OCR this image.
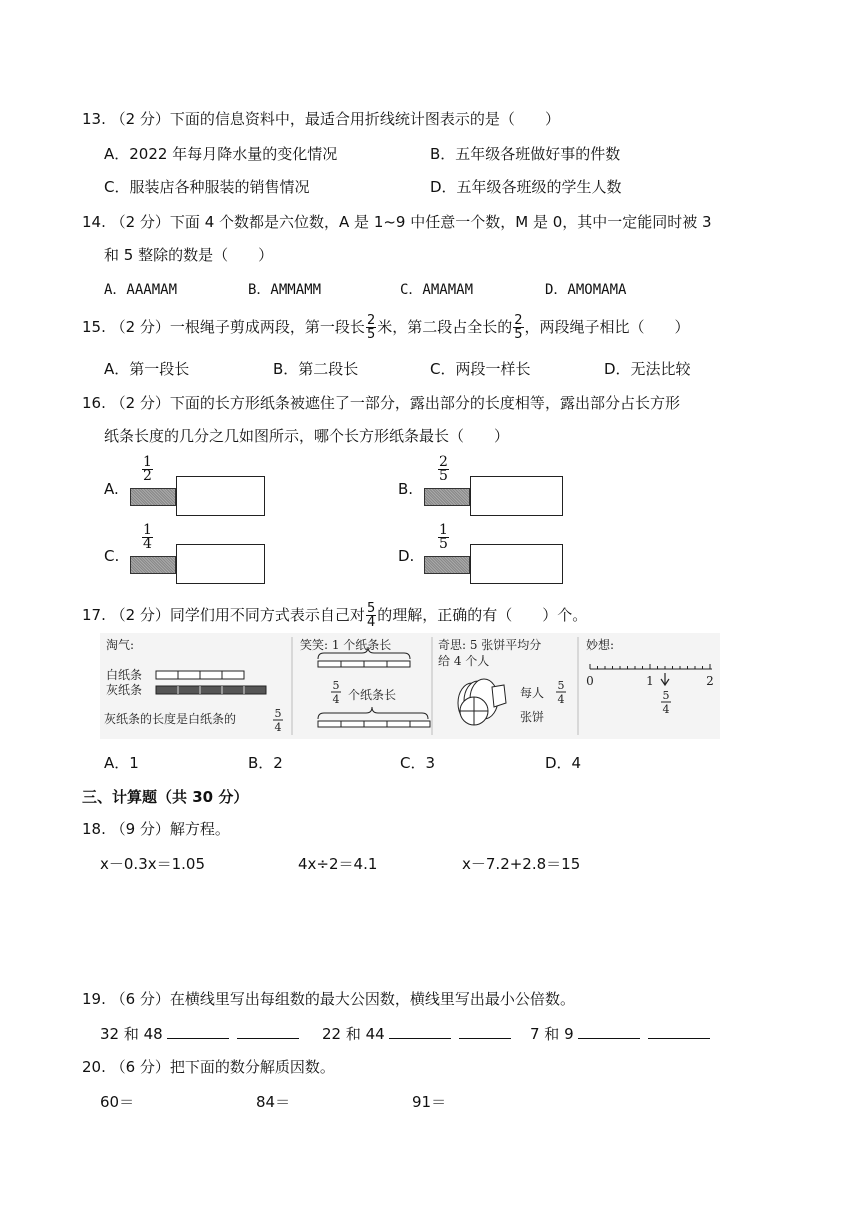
13. （2 分）下面的信息资料中，最适合用折线统计图表示的是（　　）
A．2022 年每月降水量的变化情况	B．五年级各班做好事的件数
C．服装店各种服装的销售情况	D．五年级各班级的学生人数
14. （2 分）下面 4 个数都是六位数，A 是 1~9 中任意一个数，M 是 0，其中一定能同时被 3
和 5 整除的数是（　　）
A．AAAMAM	B．AMMAMM	C．AMAMAM	D．AMOMAMA
15. （2 分）一根绳子剪成两段，第一段长 $\frac{2}{5}$ 米，第二段占全长的 $\frac{2}{5}$ ，两段绳子相比（　　）
A．第一段长	B．第二段长	C．两段一样长	D．无法比较
16. （2 分）下面的长方形纸条被遮住了一部分，露出部分的长度相等，露出部分占长方形
纸条长度的几分之几如图所示，哪个长方形纸条最长（　　）
A.
1
2
B.
2
5
C.
1
4
D.
1
5
17. （2 分）同学们用不同方式表示自己对 $\frac{5}{4}$ 的理解，正确的有（　　）个。
淘气:
白纸条
灰纸条
灰纸条的长度是白纸条的	5
4
笑笑: 1 个纸条长
5
4 个纸条长
奇思: 5 张饼平均分
给 4 个人
每人
5
4
张饼
妙想:
0	1	2
5
4
A．1	B．2	C．3	D．4
三、计算题（共 30 分）
18. （9 分）解方程。
x－0.3x＝1.05	4x÷2＝4.1	x－7.2+2.8＝15
19. （6 分）在横线里写出每组数的最大公因数，横线里写出最小公倍数。
32 和 48	22 和 44	7 和 9
20. （6 分）把下面的数分解质因数。
60＝	84＝	91＝
